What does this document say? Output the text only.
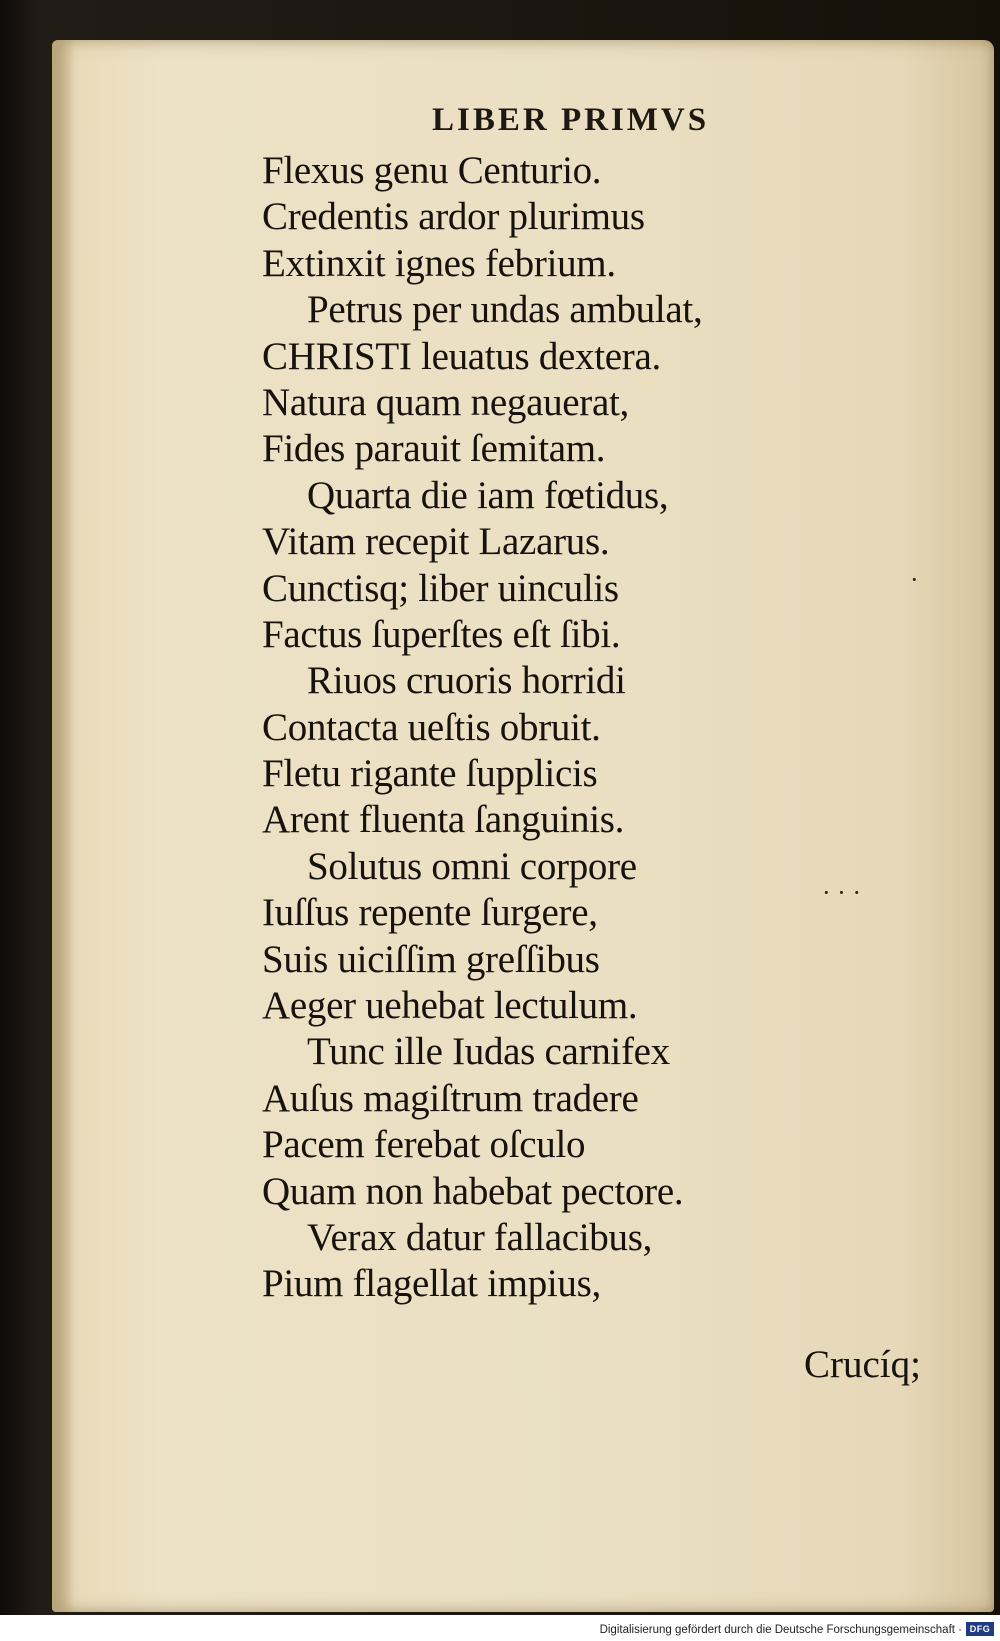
LIBER PRIMVS
Flexus genu Centurio.
Credentis ardor plurimus
Extinxit ignes febrium.
Petrus per undas ambulat,
CHRISTI leuatus dextera.
Natura quam negauerat,
Fides parauit ſemitam.
Quarta die iam fœtidus,
Vitam recepit Lazarus.
Cunctisq; liber uinculis
Factus ſuperſtes eſt ſibi.
Riuos cruoris horridi
Contacta ueſtis obruit.
Fletu rigante ſupplicis
Arent fluenta ſanguinis.
Solutus omni corpore
Iuſſus repente ſurgere,
Suis uiciſſim greſſibus
Aeger uehebat lectulum.
Tunc ille Iudas carnifex
Auſus magiſtrum tradere
Pacem ferebat oſculo
Quam non habebat pectore.
Verax datur fallacibus,
Pium flagellat impius,
Crucíq;
·
· · ·
Digitalisierung gefördert durch die Deutsche Forschungsgemeinschaft · DFG
